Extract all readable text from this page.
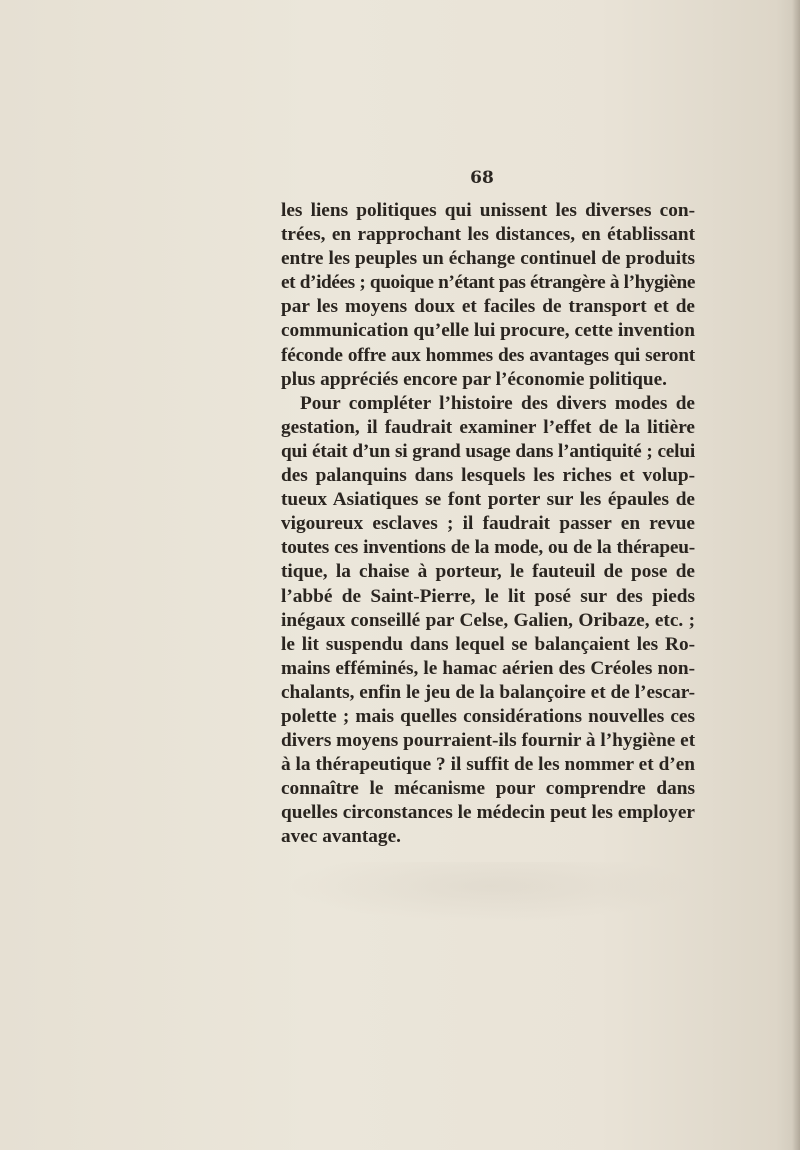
68

les liens politiques qui unissent les diverses con-
trées, en rapprochant les distances, en établissant
entre les peuples un échange continuel de produits
et d’idées ; quoique n’étant pas étrangère à l’hygiène
par les moyens doux et faciles de transport et de
communication qu’elle lui procure, cette invention
féconde offre aux hommes des avantages qui seront
plus appréciés encore par l’économie politique.
Pour compléter l’histoire des divers modes de
gestation, il faudrait examiner l’effet de la litière
qui était d’un si grand usage dans l’antiquité ; celui
des palanquins dans lesquels les riches et volup-
tueux Asiatiques se font porter sur les épaules de
vigoureux esclaves ; il faudrait passer en revue
toutes ces inventions de la mode, ou de la thérapeu-
tique, la chaise à porteur, le fauteuil de pose de
l’abbé de Saint-Pierre, le lit posé sur des pieds
inégaux conseillé par Celse, Galien, Oribaze, etc. ;
le lit suspendu dans lequel se balançaient les Ro-
mains efféminés, le hamac aérien des Créoles non-
chalants, enfin le jeu de la balançoire et de l’escar-
polette ; mais quelles considérations nouvelles ces
divers moyens pourraient-ils fournir à l’hygiène et
à la thérapeutique ? il suffit de les nommer et d’en
connaître le mécanisme pour comprendre dans
quelles circonstances le médecin peut les employer
avec avantage.
